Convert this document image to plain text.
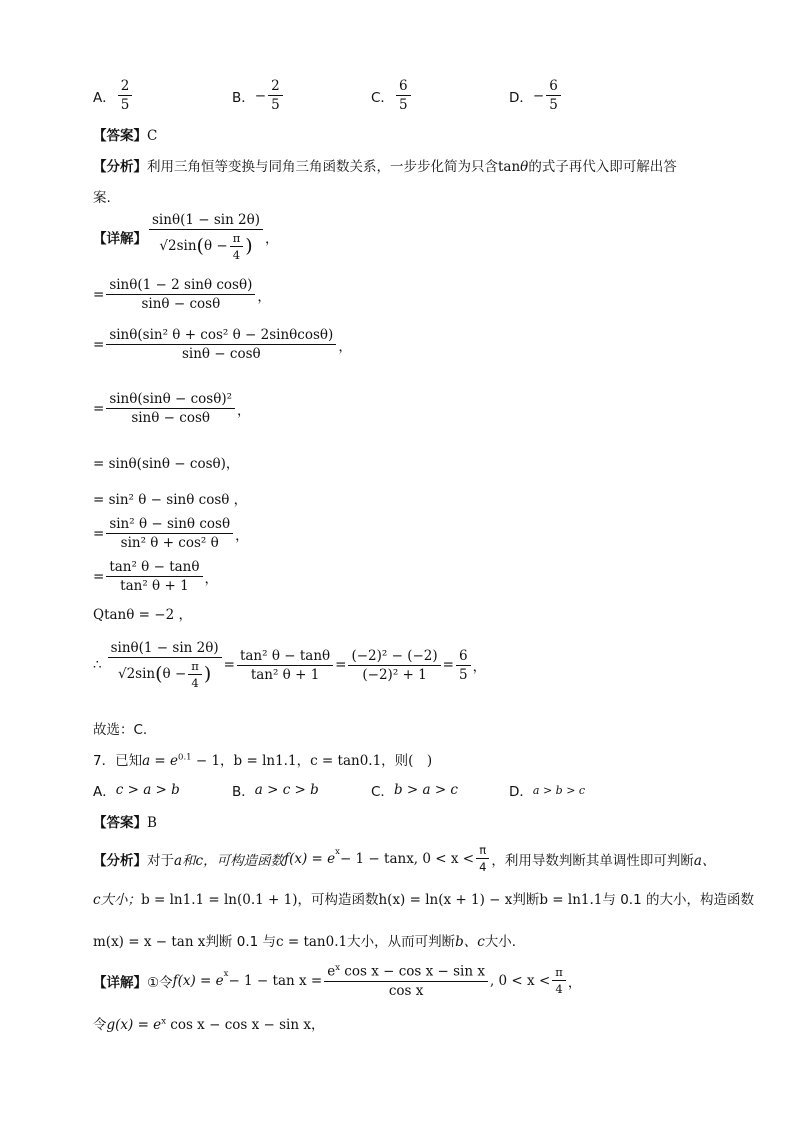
A． $\frac{2}{5}$	B． − $\frac{2}{5}$	C． $\frac{6}{5}$	D． − $\frac{6}{5}$
【答案】C
【分析】利用三角恒等变换与同角三角函数关系，一步步化简为只含tanθ的式子再代入即可解出答
案.
【详解】 $\frac{\sin\theta(1 - \sin 2\theta)}{√2\sin(\theta - \frac{\pi}{4} )}$ ，
= $\frac{\text{sinθ(1 − 2 sinθ cosθ)}}{\sin\theta - \cos\theta}$ ，
= $\frac{\text{sinθ(sin² θ + cos² θ − 2sinθcosθ)}}{\sin\theta - \cos\theta}$ ，
= $\frac{\text{sinθ(sinθ − cosθ)²}}{\sin\theta - \cos\theta}$ ，
= sinθ(sinθ − cosθ)，
= sin² θ − sinθ cosθ ，
= $\frac{\text{sin² θ − sinθ cosθ}}{\text{sin² θ + cos² θ}}$ ，
= $\frac{\text{tan² θ − tanθ}}{\text{tan² θ + 1}}$ ，
Qtanθ = −2 ，
∴ $\frac{\sin\theta(1 - \sin 2\theta)}{√2\sin(\theta - \frac{\pi}{4} )} = \frac{\text{tan² θ − tanθ}}{\text{tan² θ + 1}} = \frac{\text{(−2)² − (−2)}}{\text{(−2)² + 1}} = \frac{6}{5}$ ，
故选：C.
7．已知$a = e^{0.1} - 1$，b = ln1.1，c = tan0.1，则(　)
A． c > a > b	B． a > c > b	C． b > a > c	D． a > b > c
【答案】B
【分析】 对于 a和c，可构造函数 f(x) = e x − 1 − tanx, $0 < x < \frac{\pi}{4}$ ，利用导数判断其单调性即可判断 a、
c大小；b = ln1.1 = ln(0.1 + 1)，可构造函数h(x) = ln(x + 1) − x判断b = ln1.1与 0.1 的大小，构造函数
m(x) = x − tan x判断 0.1 与c = tan0.1大小，从而可判断b、c大小．
【详解】 ①令 f(x) = e $x - 1 - \tan x = \frac{e^x \cos x - \cos x - \sin x}{\text{cos x}}$ , $0 < x < \frac{\pi}{4}$ ，
令$g(x) = e^x$ cos x − cos x − sin x，
